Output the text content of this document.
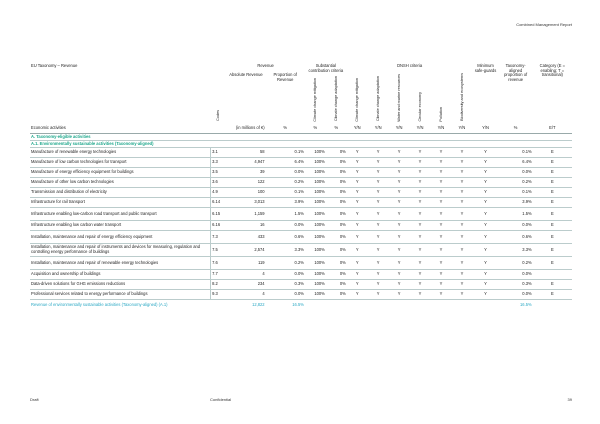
Combined Management Report
EU Taxonomy – Revenue		Revenue		Substantial contribution criteria		DNSH criteria						Minimum safe-guards	Taxonomy-aligned proportion of revenue	Category (E = enabling; T = transitional)
	Codes	Absolute Revenue	Proportion of Revenue	Climate change mitigation	Climate change adaptation	Climate change mitigation	Climate change adaptation	Water and marine resources	Circular economy	Pollution	Biodiversity and ecosystems			
Economic activities		(in millions of €)	%	%	%	Y/N	Y/N	Y/N	Y/N	Y/N	Y/N	Y/N	%	E/T
A. Taxonomy-eligible activities														
A.1. Environmentally sustainable activities (Taxonomy-aligned)														
Manufacture of renewable energy technologies	3.1	58	0.1%	100%	0%	Y	Y	Y	Y	Y	Y	Y	0.1%	E
Manufacture of low carbon technologies for transport	3.3	4,947	6.4%	100%	0%	Y	Y	Y	Y	Y	Y	Y	6.4%	E
Manufacture of energy efficiency equipment for buildings	3.5	39	0.0%	100%	0%	Y	Y	Y	Y	Y	Y	Y	0.0%	E
Manufacture of other low carbon technologies	3.6	122	0.2%	100%	0%	Y	Y	Y	Y	Y	Y	Y	0.2%	E
Transmission and distribution of electricity	4.9	100	0.1%	100%	0%	Y	Y	Y	Y	Y	Y	Y	0.1%	E
Infrastructure for rail transport	6.14	3,013	3.9%	100%	0%	Y	Y	Y	Y	Y	Y	Y	3.9%	E
Infrastructure enabling low-carbon road transport and public transport	6.15	1,159	1.5%	100%	0%	Y	Y	Y	Y	Y	Y	Y	1.5%	E
Infrastructure enabling low carbon water transport	6.16	16	0.0%	100%	0%	Y	Y	Y	Y	Y	Y	Y	0.0%	E
Installation, maintenance and repair of energy efficiency equipment	7.3	433	0.6%	100%	0%	Y	Y	Y	Y	Y	Y	Y	0.6%	E
Installation, maintenance and repair of instruments and devices for measuring, regulation and controlling energy performance of buildings	7.5	2,574	3.3%	100%	0%	Y	Y	Y	Y	Y	Y	Y	3.3%	E
Installation, maintenance and repair of renewable energy technologies	7.6	119	0.2%	100%	0%	Y	Y	Y	Y	Y	Y	Y	0.2%	E
Acquisition and ownership of buildings	7.7	4	0.0%	100%	0%	Y	Y	Y	Y	Y	Y	Y	0.0%	
Data-driven solutions for GHG emissions reductions	8.2	234	0.3%	100%	0%	Y	Y	Y	Y	Y	Y	Y	0.3%	E
Professional services related to energy performance of buildings	9.3	4	0.0%	100%	0%	Y	Y	Y	Y	Y	Y	Y	0.0%	E
Revenue of environmentally sustainable activities (Taxonomy-aligned) (A.1)		12,822	16.5%										16.5%	
Draft	Confidential	39
